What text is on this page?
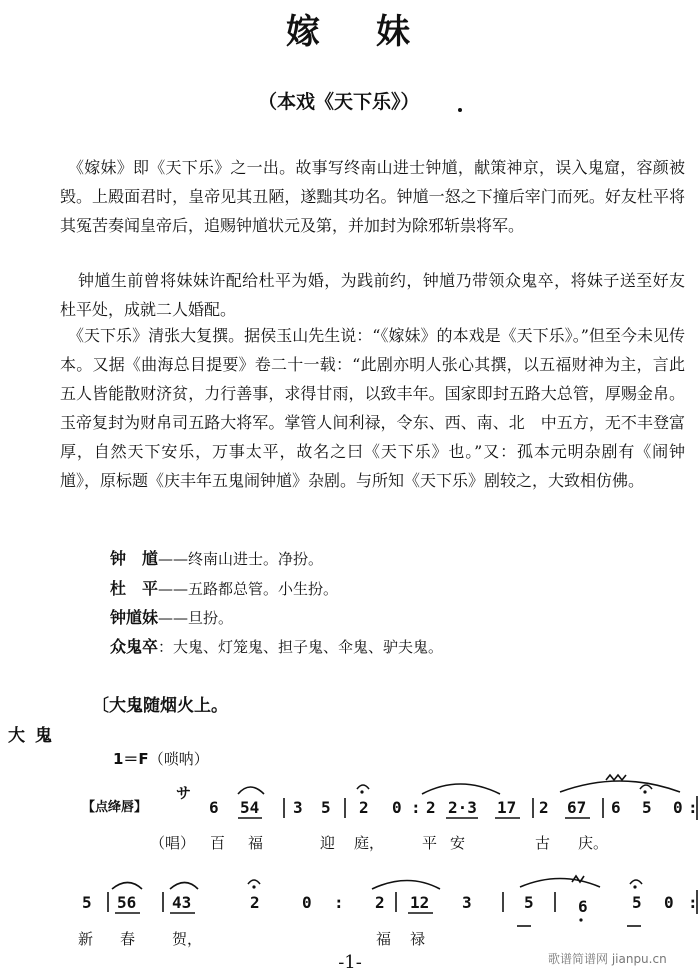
嫁 妹
（本戏《天下乐》）
《嫁妹》即《天下乐》之一出。故事写终南山进士钟馗，献策神京，误入鬼窟，容颜被毁。上殿面君时，皇帝见其丑陋，遂黜其功名。钟馗一怒之下撞后宰门而死。好友杜平将其冤苦奏闻皇帝后，追赐钟馗状元及第，并加封为除邪斩祟将军。
钟馗生前曾将妹妹许配给杜平为婚，为践前约，钟馗乃带领众鬼卒，将妹子送至好友杜平处，成就二人婚配。
《天下乐》清张大复撰。据侯玉山先生说：“《嫁妹》的本戏是《天下乐》。”但至今未见传本。又据《曲海总目提要》卷二十一载：“此剧亦明人张心其撰，以五福财神为主，言此五人皆能散财济贫，力行善事，求得甘雨，以致丰年。国家即封五路大总管，厚赐金帛。玉帝复封为财帛司五路大将军。掌管人间利禄，令东、西、南、北　中五方，无不丰登富厚，自然天下安乐，万事太平，故名之曰《天下乐》也。”又：孤本元明杂剧有《闹钟馗》，原标题《庆丰年五鬼闹钟馗》杂剧。与所知《天下乐》剧较之，大致相仿佛。
钟　馗——终南山进士。净扮。
杜　平——五路都总管。小生扮。
钟馗妹——旦扮。
众鬼卒：大鬼、灯笼鬼、担子鬼、伞鬼、驴夫鬼。
〔大鬼随烟火上。
大鬼
1＝F（唢呐）
【点绛唇】
サ
6 54 3 5 2 0 : 2 2·3 17 2 67 6 5 0 :
（唱） 百 福	迎 庭，	平 安	古 庆。
5 56 43	2	0 : 2 12 3	5	6	5 0 :
新 春 贺，	福 禄
-1-	歌谱简谱网 jianpu.cn
